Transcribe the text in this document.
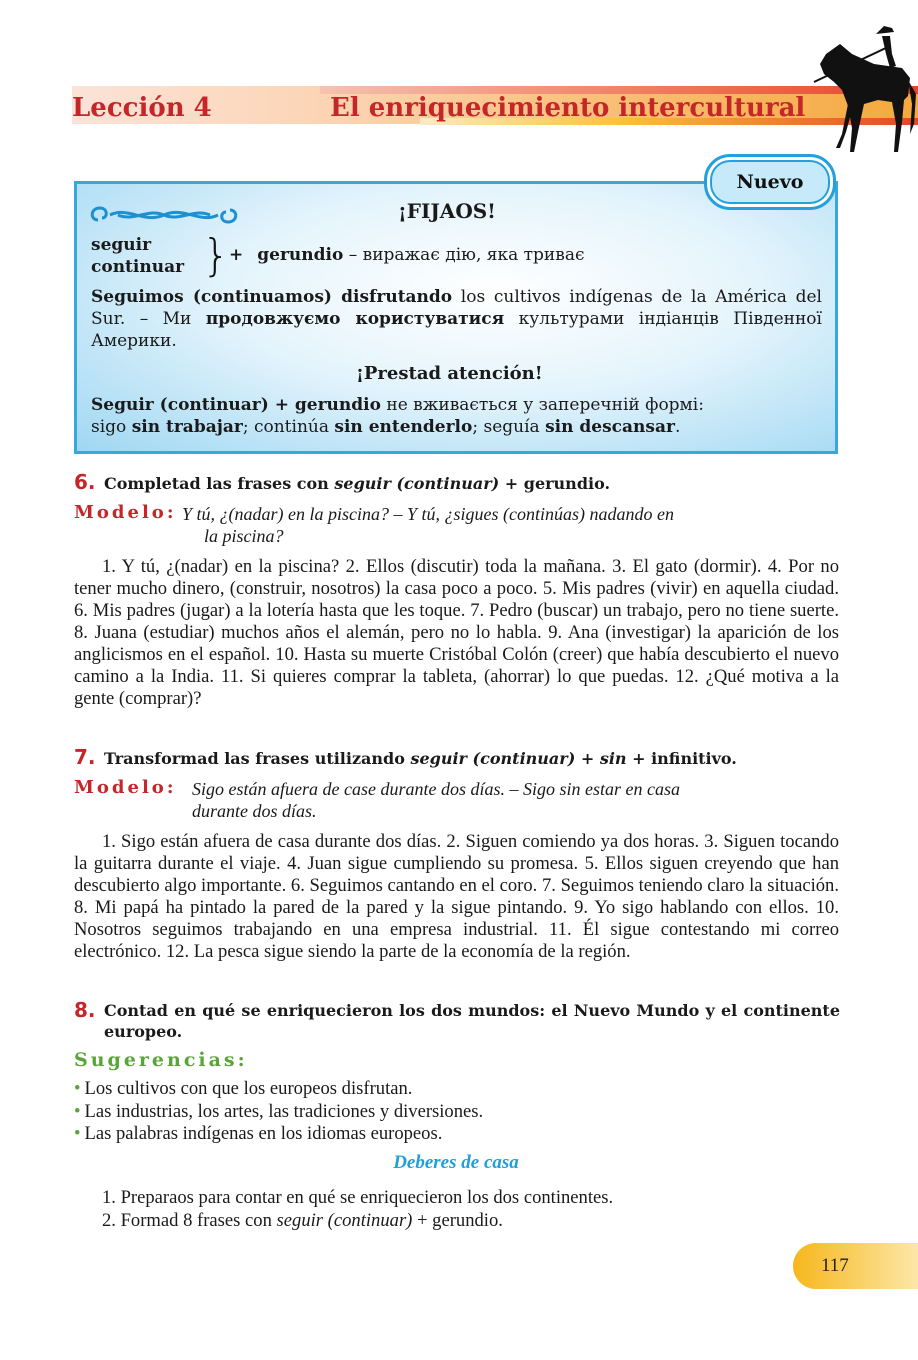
Lección 4	El enriquecimiento intercultural
Nuevo
¡FIJAOS!
seguir
continuar } + gerundio – виражає дію, яка триває
Seguimos (continuamos) disfrutando los cultivos indígenas de la América del Sur. – Ми продовжуємо користуватися культурами індіанців Південної Америки.
¡Prestad atención!
Seguir (continuar) + gerundio не вживається у заперечній формі:
sigo sin trabajar; continúa sin entenderlo; seguía sin descansar.
6. Completad las frases con seguir (continuar) + gerundio.
Modelo: Y tú, ¿(nadar) en la piscina? – Y tú, ¿sigues (continúas) nadando en
la piscina?
1. Y tú, ¿(nadar) en la piscina? 2. Ellos (discutir) toda la mañana. 3. El gato (dormir). 4. Por no tener mucho dinero, (construir, nosotros) la casa poco a poco. 5. Mis padres (vivir) en aquella ciudad. 6. Mis padres (jugar) a la lotería hasta que les toque. 7. Pedro (buscar) un trabajo, pero no tiene suerte. 8. Juana (estudiar) muchos años el alemán, pero no lo habla. 9. Ana (investigar) la aparición de los anglicismos en el español. 10. Hasta su muerte Cristóbal Colón (creer) que había descubierto el nuevo camino a la India. 11. Si quieres comprar la tableta, (ahorrar) lo que puedas. 12. ¿Qué motiva a la gente (comprar)?
7. Transformad las frases utilizando seguir (continuar) + sin + infinitivo.
Modelo: Sigo están afuera de case durante dos días. – Sigo sin estar en casa
durante dos días.
1. Sigo están afuera de casa durante dos días. 2. Siguen comiendo ya dos horas. 3. Siguen tocando la guitarra durante el viaje. 4. Juan sigue cumpliendo su promesa. 5. Ellos siguen creyendo que han descubierto algo importante. 6. Seguimos cantando en el coro. 7. Seguimos teniendo claro la situación. 8. Mi papá ha pintado la pared de la pared y la sigue pintando. 9. Yo sigo hablando con ellos. 10. Nosotros seguimos trabajando en una empresa industrial. 11. Él sigue contestando mi correo electrónico. 12. La pesca sigue siendo la parte de la economía de la región.
8. Contad en qué se enriquecieron los dos mundos: el Nuevo Mundo y el continente europeo.
Sugerencias:
• Los cultivos con que los europeos disfrutan.
• Las industrias, los artes, las tradiciones y diversiones.
• Las palabras indígenas en los idiomas europeos.
Deberes de casa
1. Preparaos para contar en qué se enriquecieron los dos continentes.
2. Formad 8 frases con seguir (continuar) + gerundio.
117
